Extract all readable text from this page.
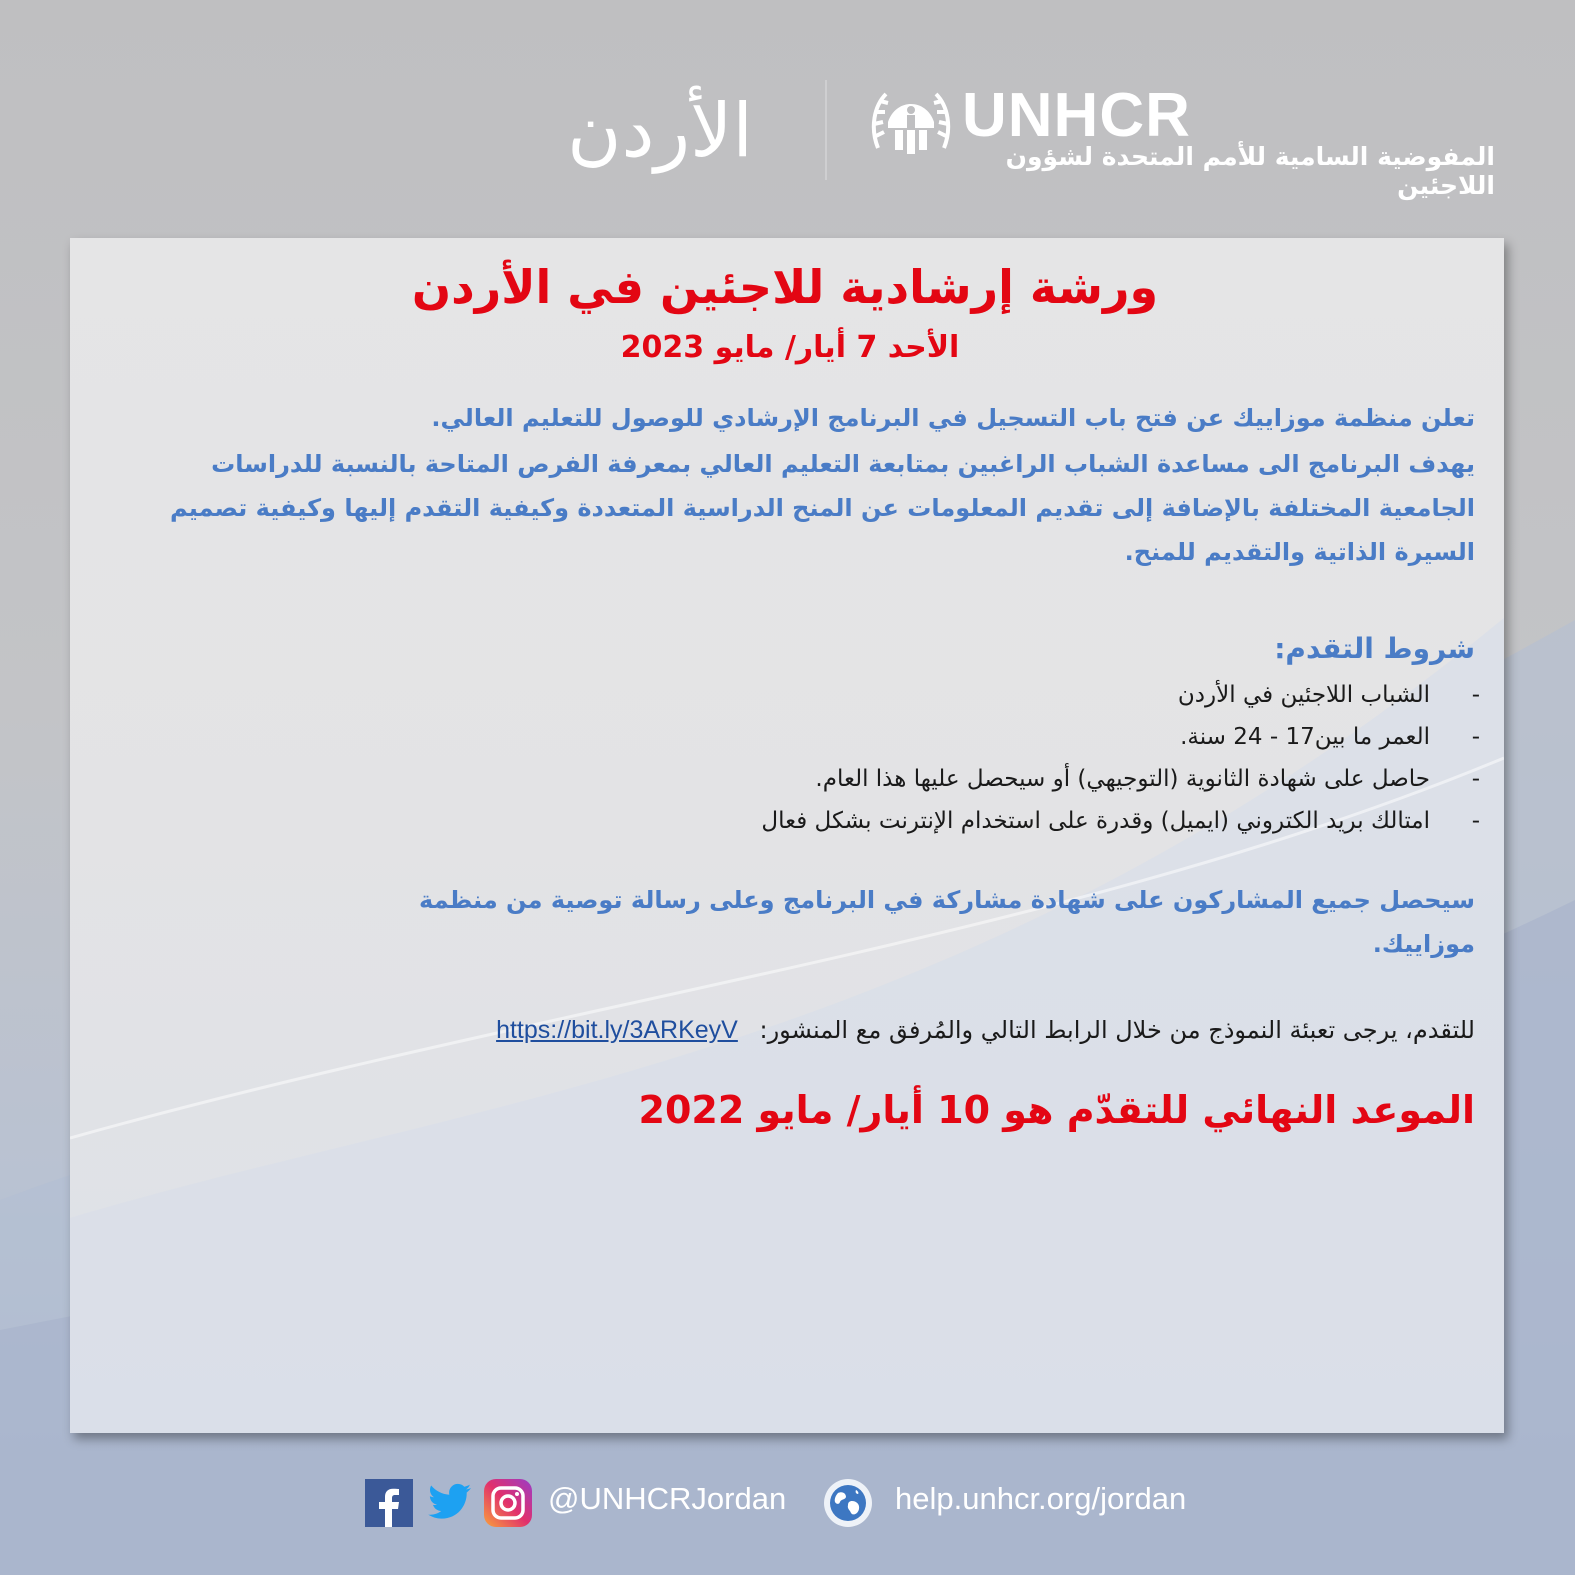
الأردن	UNHCR
المفوضية السامية للأمم المتحدة لشؤون اللاجئين
ورشة إرشادية للاجئين في الأردن
الأحد 7 أيار/ مايو 2023
تعلن منظمة موزاييك عن فتح باب التسجيل في البرنامج الإرشادي للوصول للتعليم العالي.
يهدف البرنامج الى مساعدة الشباب الراغبين بمتابعة التعليم العالي بمعرفة الفرص المتاحة بالنسبة للدراسات الجامعية المختلفة بالإضافة إلى تقديم المعلومات عن المنح الدراسية المتعددة وكيفية التقدم إليها وكيفية تصميم السيرة الذاتية والتقديم للمنح.
شروط التقدم:
-
الشباب اللاجئين في الأردن
-
العمر ما بين17 - 24 سنة.
-
حاصل على شهادة الثانوية (التوجيهي) أو سيحصل عليها هذا العام.
-
امتالك بريد الكتروني (ايميل) وقدرة على استخدام الإنترنت بشكل فعال
سيحصل جميع المشاركون على شهادة مشاركة في البرنامج وعلى رسالة توصية من منظمة موزاييك.
للتقدم، يرجى تعبئة النموذج من خلال الرابط التالي والمُرفق مع المنشور: https://bit.ly/3ARKeyV
الموعد النهائي للتقدّم هو 10 أيار/ مايو 2022
@UNHCRJordan	help.unhcr.org/jordan
